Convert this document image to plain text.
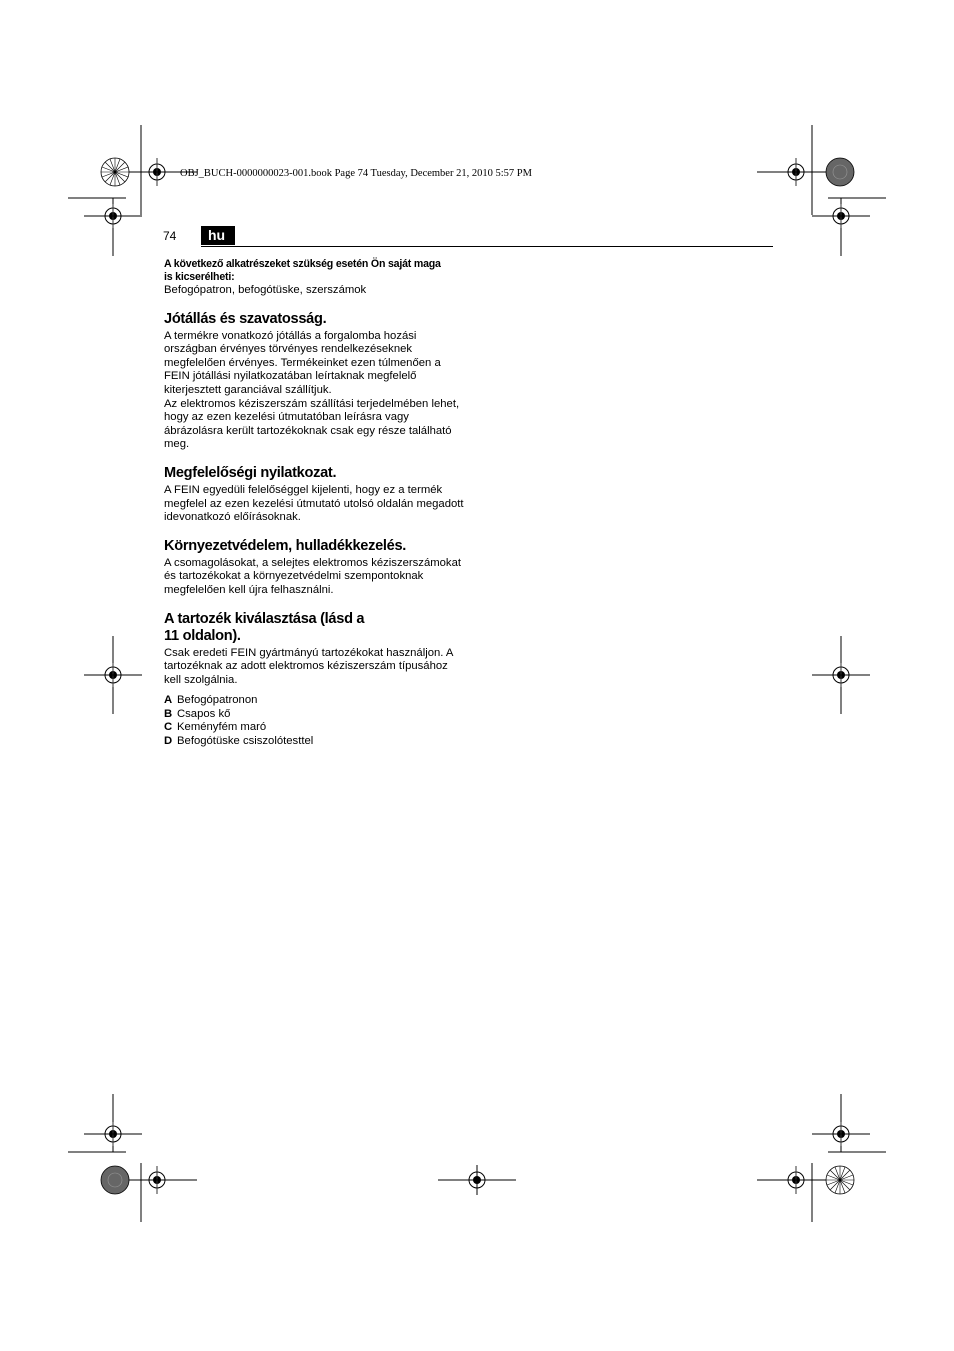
OBJ_BUCH-0000000023-001.book Page 74 Tuesday, December 21, 2010 5:57 PM
74	hu

A következő alkatrészeket szükség esetén Ön saját maga

is kicserélheti:

Befogópatron, befogótüske, szerszámok

Jótállás és szavatosság.

A termékre vonatkozó jótállás a forgalomba hozási országban érvényes törvényes rendelkezéseknek megfelelően érvényes. Termékeinket ezen túlmenően a FEIN jótállási nyilatkozatában leírtaknak megfelelő kiterjesztett garanciával szállítjuk.

Az elektromos kéziszerszám szállítási terjedelmében lehet, hogy az ezen kezelési útmutatóban leírásra vagy ábrázolásra került tartozékoknak csak egy része található meg.

Megfelelőségi nyilatkozat.

A FEIN egyedüli felelőséggel kijelenti, hogy ez a termék megfelel az ezen kezelési útmutató utolsó oldalán megadott idevonatkozó előírásoknak.

Környezetvédelem, hulladékkezelés.

A csomagolásokat, a selejtes elektromos kéziszerszámokat és tartozékokat a környezetvédelmi szempontoknak megfelelően kell újra felhasználni.

A tartozék kiválasztása (lásd a
11 oldalon).

Csak eredeti FEIN gyártmányú tartozékokat használjon. A tartozéknak az adott elektromos kéziszerszám típusához kell szolgálnia.

A Befogópatronon
B Csapos kő
C Keményfém maró
D Befogótüske csiszolótesttel
